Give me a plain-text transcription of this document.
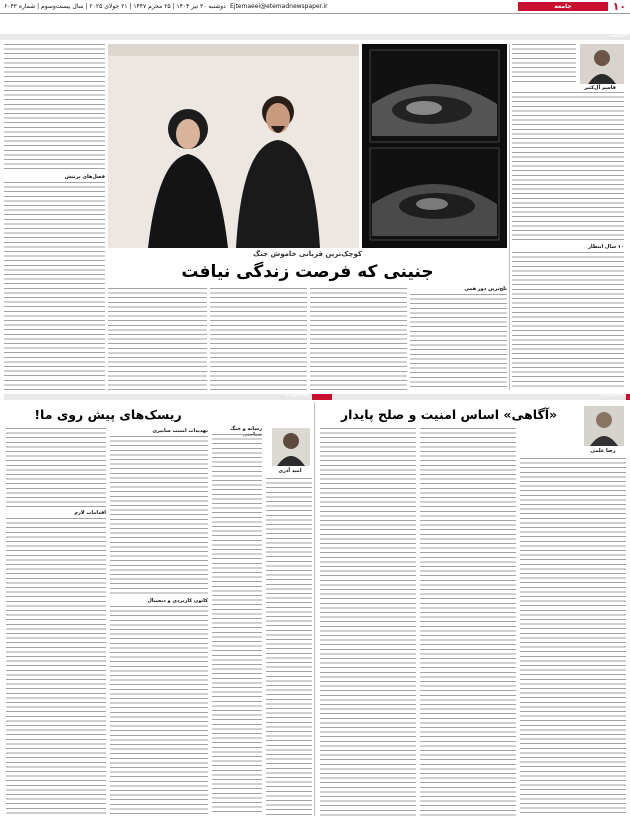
۱۰
جامعه
Ejtemaeei@etemadnewspaper.ir
دوشنبه ۳۰ تیر ۱۴۰۴ | ۲۵ محرم ۱۴۴۷ | ۲۱ جولای ۲۰۲۵ | سال بیست‌وسوم | شماره ۶۰۴۳
گزارش
قاسم آل‌کثیر
۱۰ سال انتظار
کوچک‌ترین قربانی خاموش جنگ
جنینی که فرصت زندگی نیافت
فصل‌های پرتنش
تلخ‌ترین دور همی
یادداشت ۱
یادداشت ۲
رضا علمی
«آگاهی» اساس امنیت و صلح پایدار
ریسک‌های پیش روی ما!
امید آذری
رسانه و جنگ
تهدیدات امنیت سایبری
کانون کاربردی و دیجیتال
اقدامات لازم
